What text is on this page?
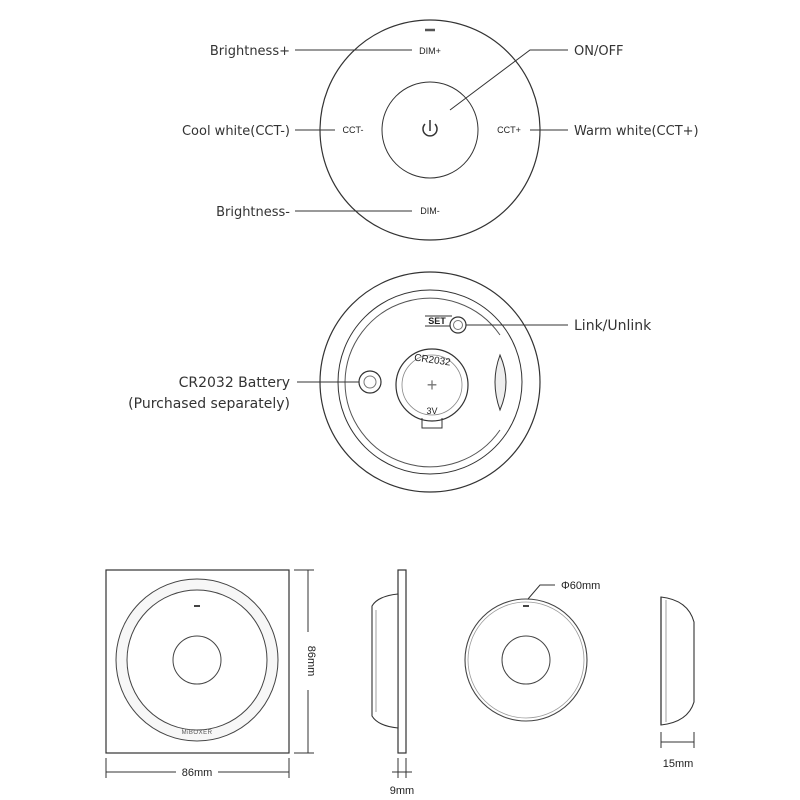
DIM+
DIM-
CCT-	CCT+
Brightness+
Brightness-
Cool white(CCT-)	Warm white(CCT+)
ON/OFF
SET
CR2032
+
3V
Link/Unlink
CR2032 Battery
(Purchased separately)
MiBOXER
86mm
86mm
9mm
Φ60mm
15mm
